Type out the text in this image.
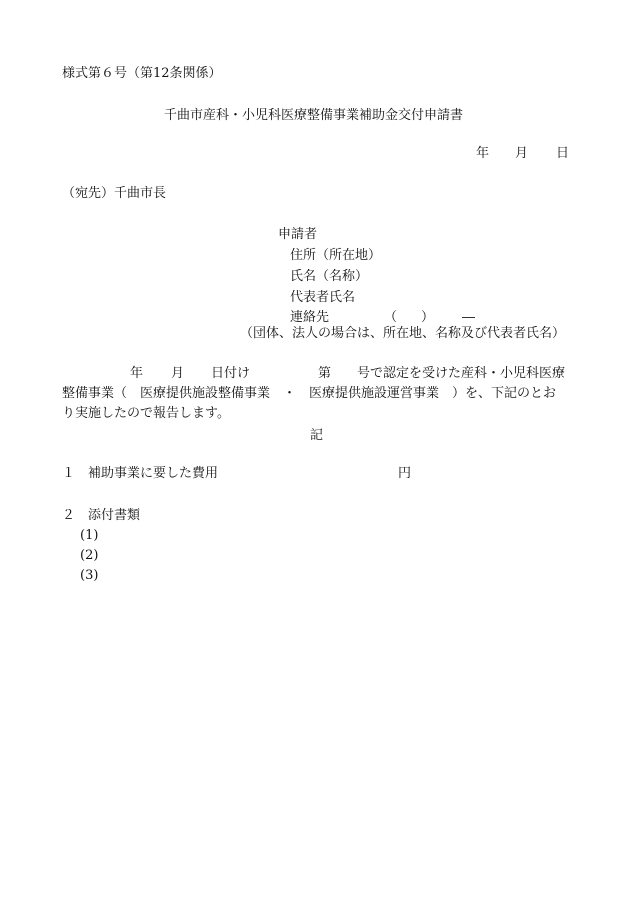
様式第６号（第12条関係）
千曲市産科・小児科医療整備事業補助金交付申請書
年 月 日
（宛先）千曲市長
申請者
住所（所在地）
氏名（名称）
代表者氏名
連絡先	（ ） ―
（団体、法人の場合は、所在地、名称及び代表者氏名）
年 月 日付け	第 号で認定を受けた産科・小児科医療
整備事業（　医療提供施設整備事業　・　医療提供施設運営事業　）を、下記のとお
り実施したので報告します。
記
１　補助事業に要した費用	円
２　添付書類
(1)
(2)
(3)
